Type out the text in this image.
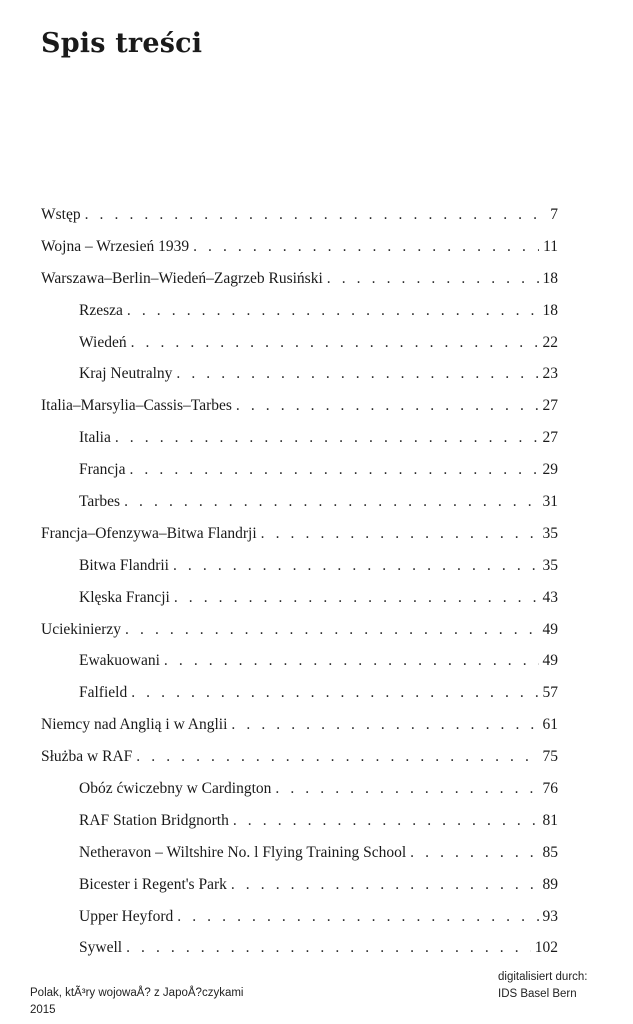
Spis treści
Wstęp . . .	7
Wojna – Wrzesień 1939 . . .	11
Warszawa–Berlin–Wiedeń–Zagrzeb Rusiński . . .	18
Rzesza . . .	18
Wiedeń . . .	22
Kraj Neutralny . . .	23
Italia–Marsylia–Cassis–Tarbes . . .	27
Italia . . .	27
Francja . . .	29
Tarbes . . .	31
Francja–Ofenzywa–Bitwa Flandrji . . .	35
Bitwa Flandrii . . .	35
Klęska Francji . . .	43
Uciekinierzy . . .	49
Ewakuowani . . .	49
Falfield . . .	57
Niemcy nad Anglią i w Anglii . . .	61
Służba w RAF . . .	75
Obóz ćwiczebny w Cardington . . .	76
RAF Station Bridgnorth . . .	81
Netheravon – Wiltshire No. l Flying Training School . . .	85
Bicester i Regent's Park . . .	89
Upper Heyford . . .	93
Sywell . . .	102
Polak, ktÃ³ry wojowaÅ? z JapoÅ?czykami
2015
digitalisiert durch:
IDS Basel Bern
